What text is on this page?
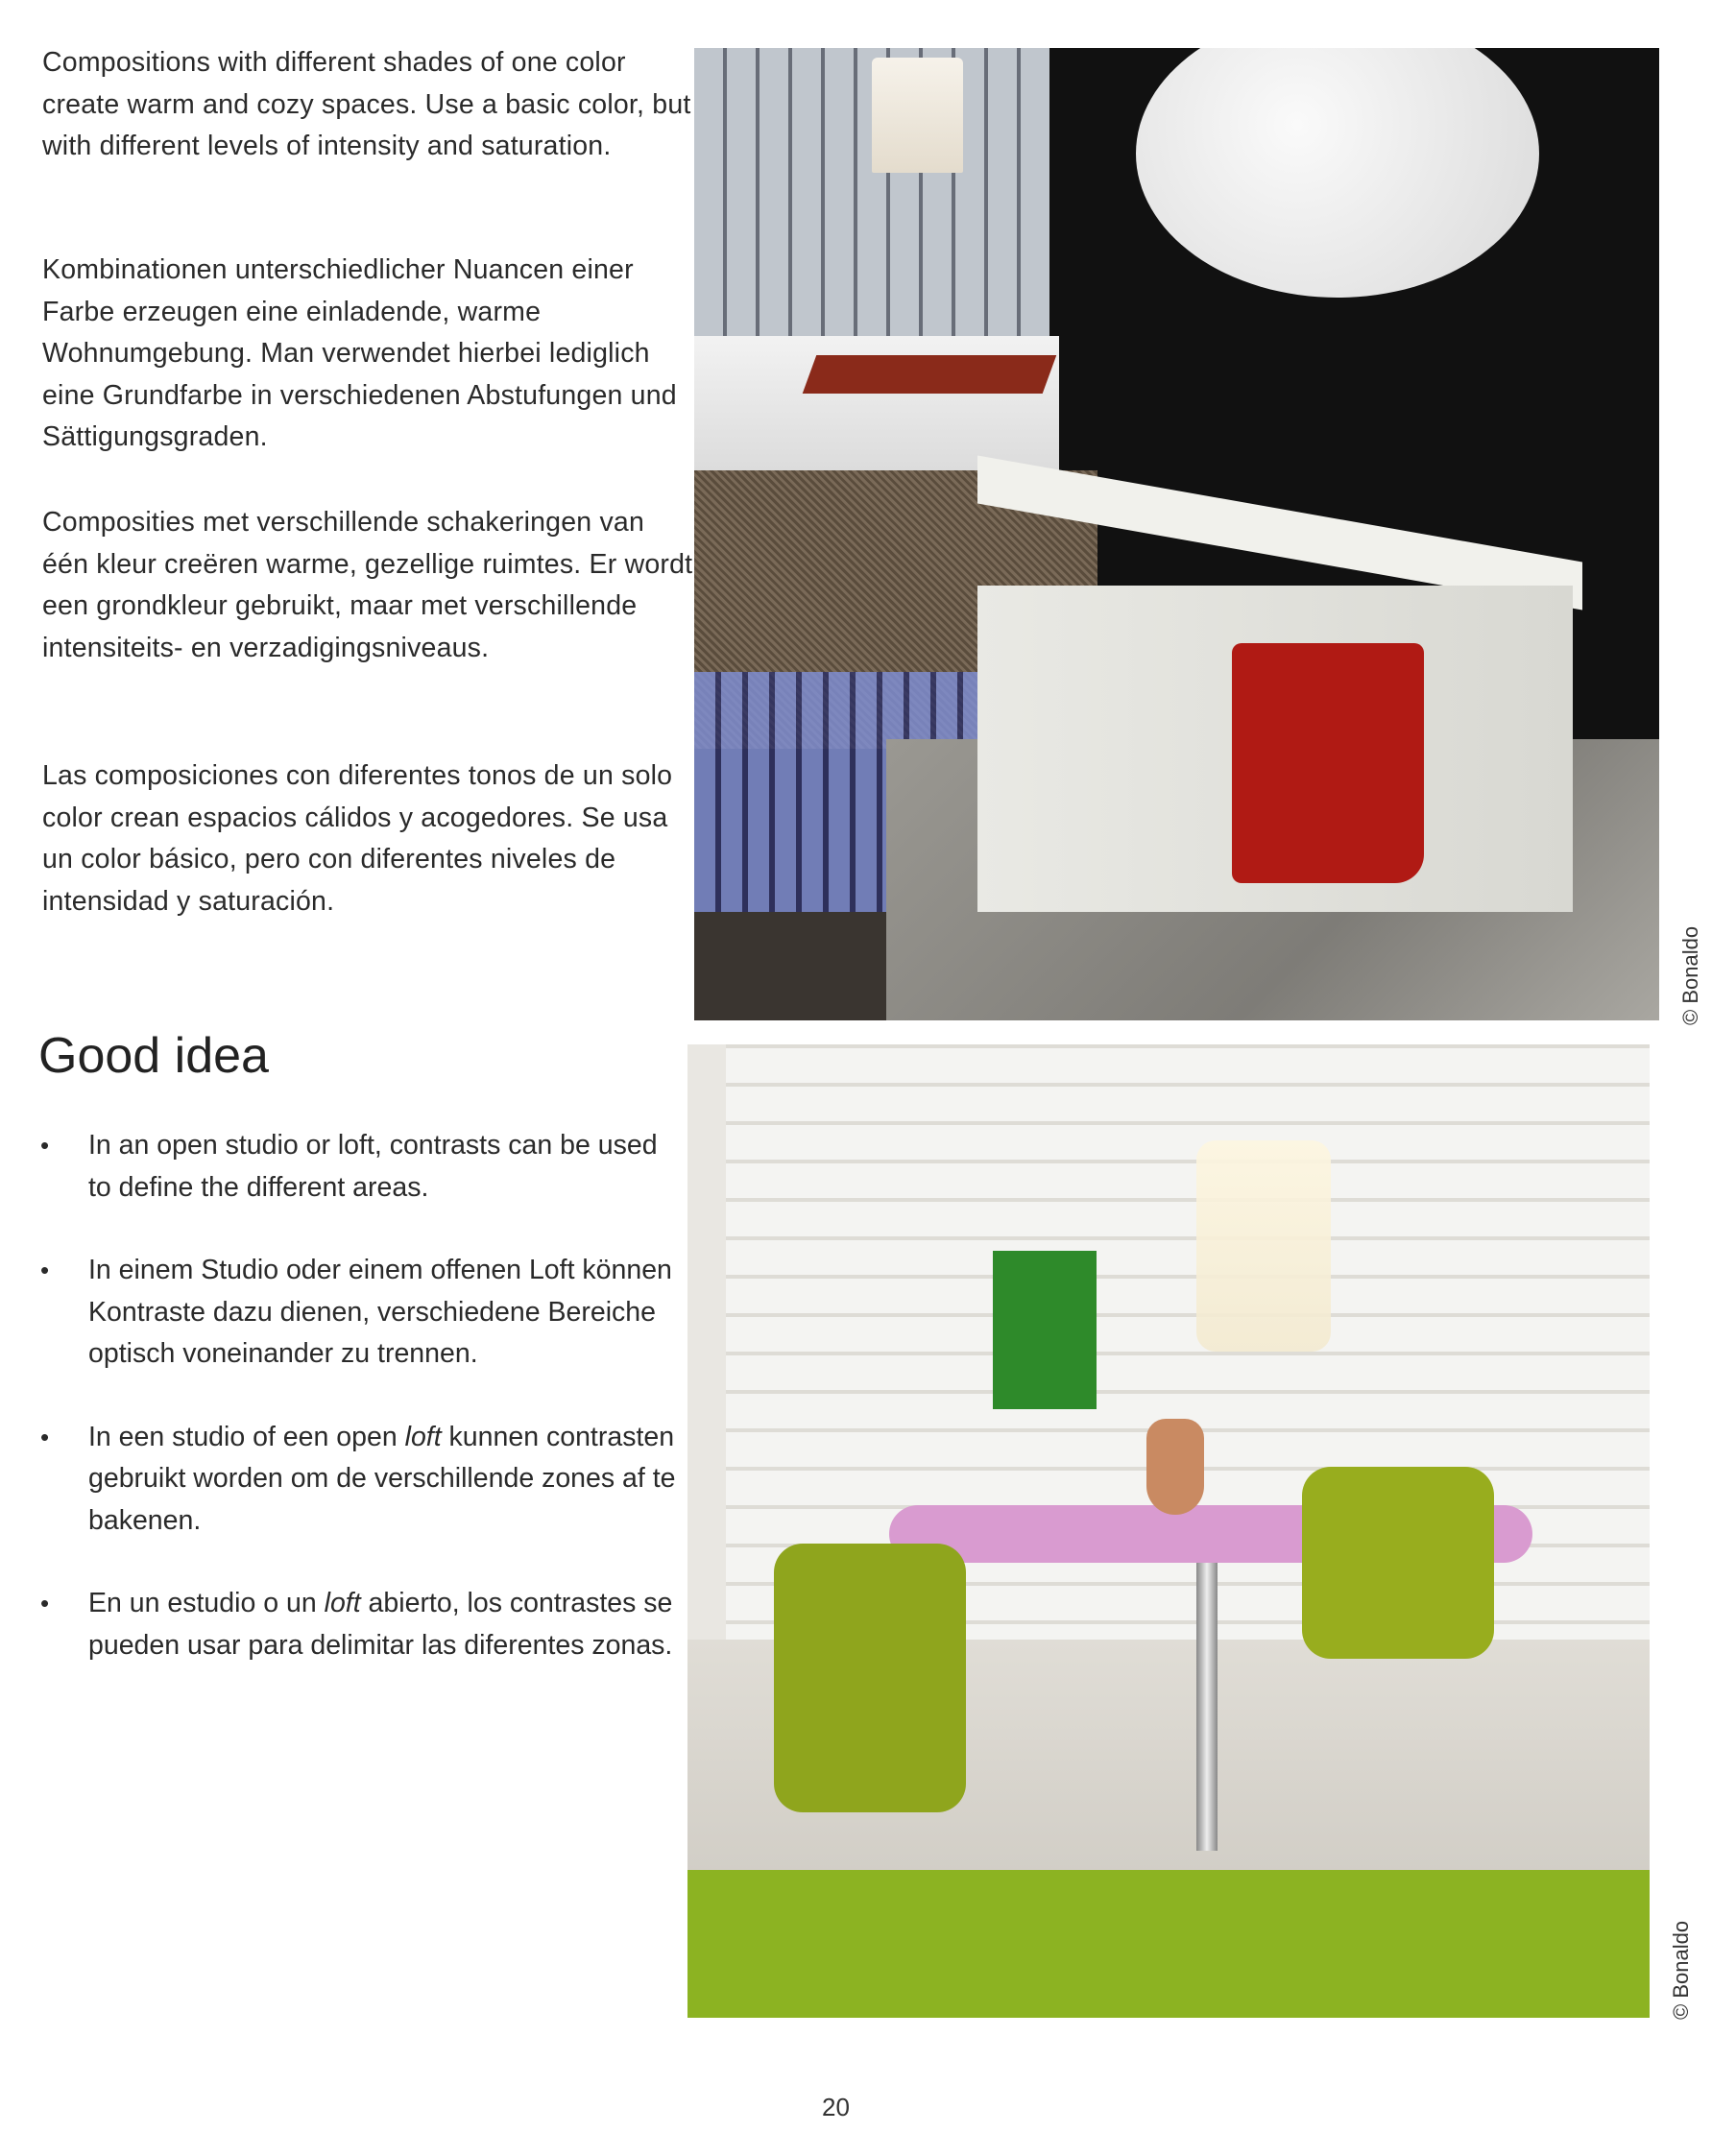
Compositions with different shades of one color create warm and cozy spaces. Use a basic color, but with different levels of intensity and saturation.
Kombinationen unterschiedlicher Nuancen einer Farbe erzeugen eine einladende, warme Wohnumgebung. Man verwendet hierbei lediglich eine Grundfarbe in verschiedenen Abstufungen und Sättigungsgraden.
Composities met verschillende schakeringen van één kleur creëren warme, gezellige ruimtes. Er wordt een grondkleur gebruikt, maar met verschillende intensiteits- en verzadigingsniveaus.
Las composiciones con diferentes tonos de un solo color crean espacios cálidos y acogedores. Se usa un color básico, pero con diferentes niveles de intensidad y saturación.
Good idea
• In an open studio or loft, contrasts can be used to define the different areas.
• In einem Studio oder einem offenen Loft können Kontraste dazu dienen, verschiedene Bereiche optisch voneinander zu trennen.
• In een studio of een open loft kunnen contrasten gebruikt worden om de verschillende zones af te bakenen.
• En un estudio o un loft abierto, los contrastes se pueden usar para delimitar las diferentes zonas.
© Bonaldo
© Bonaldo
20
